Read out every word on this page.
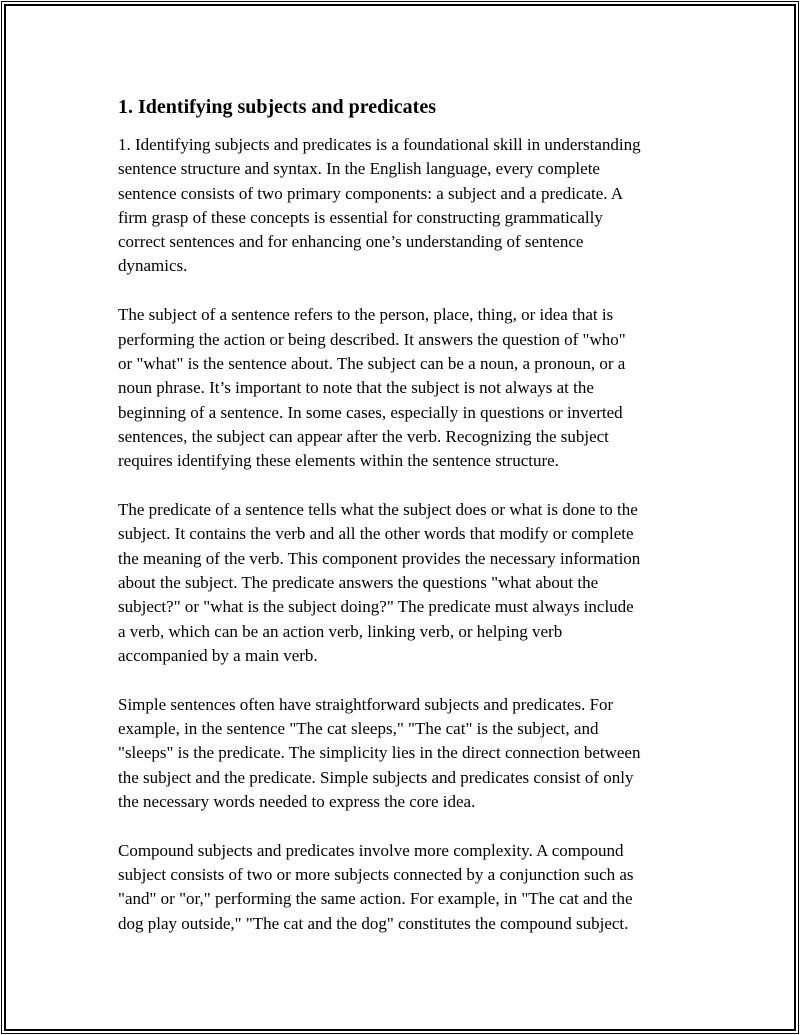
1. Identifying subjects and predicates

1. Identifying subjects and predicates is a foundational skill in understanding
sentence structure and syntax. In the English language, every complete
sentence consists of two primary components: a subject and a predicate. A
firm grasp of these concepts is essential for constructing grammatically
correct sentences and for enhancing one’s understanding of sentence
dynamics.

The subject of a sentence refers to the person, place, thing, or idea that is
performing the action or being described. It answers the question of "who"
or "what" is the sentence about. The subject can be a noun, a pronoun, or a
noun phrase. It’s important to note that the subject is not always at the
beginning of a sentence. In some cases, especially in questions or inverted
sentences, the subject can appear after the verb. Recognizing the subject
requires identifying these elements within the sentence structure.

The predicate of a sentence tells what the subject does or what is done to the
subject. It contains the verb and all the other words that modify or complete
the meaning of the verb. This component provides the necessary information
about the subject. The predicate answers the questions "what about the
subject?" or "what is the subject doing?" The predicate must always include
a verb, which can be an action verb, linking verb, or helping verb
accompanied by a main verb.

Simple sentences often have straightforward subjects and predicates. For
example, in the sentence "The cat sleeps," "The cat" is the subject, and
"sleeps" is the predicate. The simplicity lies in the direct connection between
the subject and the predicate. Simple subjects and predicates consist of only
the necessary words needed to express the core idea.

Compound subjects and predicates involve more complexity. A compound
subject consists of two or more subjects connected by a conjunction such as
"and" or "or," performing the same action. For example, in "The cat and the
dog play outside," "The cat and the dog" constitutes the compound subject.
